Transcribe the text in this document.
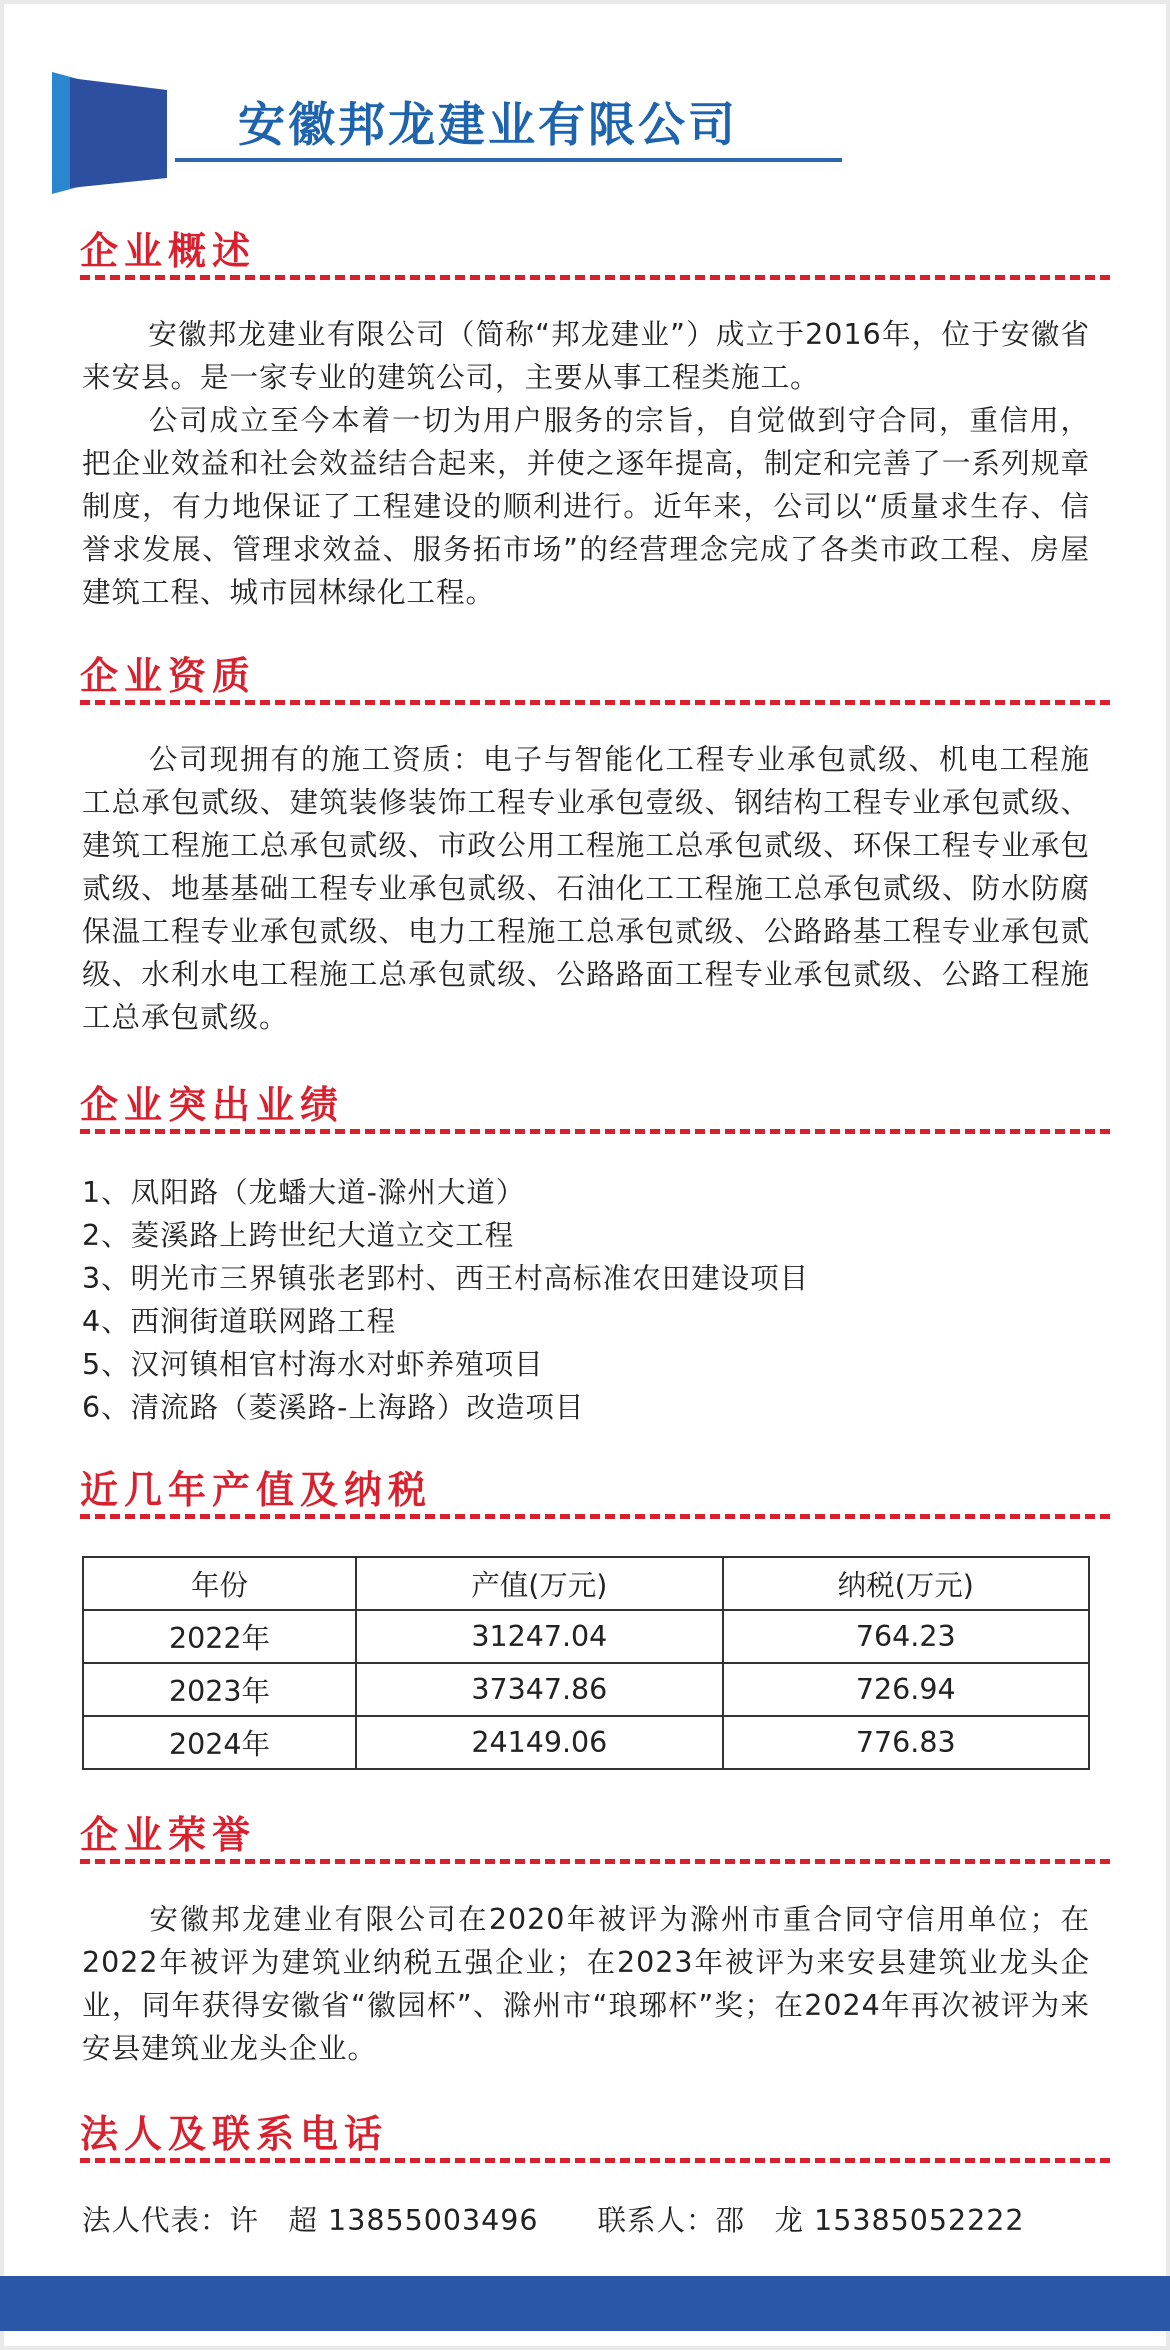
安徽邦龙建业有限公司
企业概述

安徽邦龙建业有限公司（简称“邦龙建业”）成立于2016年，位于安徽省来安县。是一家专业的建筑公司，主要从事工程类施工。

公司成立至今本着一切为用户服务的宗旨，自觉做到守合同，重信用，把企业效益和社会效益结合起来，并使之逐年提高，制定和完善了一系列规章制度，有力地保证了工程建设的顺利进行。近年来，公司以“质量求生存、信誉求发展、管理求效益、服务拓市场”的经营理念完成了各类市政工程、房屋建筑工程、城市园林绿化工程。

企业资质

公司现拥有的施工资质：电子与智能化工程专业承包贰级、机电工程施工总承包贰级、建筑装修装饰工程专业承包壹级、钢结构工程专业承包贰级、建筑工程施工总承包贰级、市政公用工程施工总承包贰级、环保工程专业承包贰级、地基基础工程专业承包贰级、石油化工工程施工总承包贰级、防水防腐保温工程专业承包贰级、电力工程施工总承包贰级、公路路基工程专业承包贰级、水利水电工程施工总承包贰级、公路路面工程专业承包贰级、公路工程施工总承包贰级。

企业突出业绩
1、凤阳路（龙蟠大道-滁州大道）
2、菱溪路上跨世纪大道立交工程
3、明光市三界镇张老郢村、西王村高标准农田建设项目
4、西涧街道联网路工程
5、汉河镇相官村海水对虾养殖项目
6、清流路（菱溪路-上海路）改造项目
近几年产值及纳税
年份	产值(万元)	纳税(万元)
2022年	31247.04	764.23
2023年	37347.86	726.94
2024年	24149.06	776.83
企业荣誉

安徽邦龙建业有限公司在2020年被评为滁州市重合同守信用单位；在2022年被评为建筑业纳税五强企业；在2023年被评为来安县建筑业龙头企业，同年获得安徽省“徽园杯”、滁州市“琅琊杯”奖；在2024年再次被评为来安县建筑业龙头企业。

法人及联系电话

法人代表：许　超 13855003496　　联系人：邵　龙 15385052222
